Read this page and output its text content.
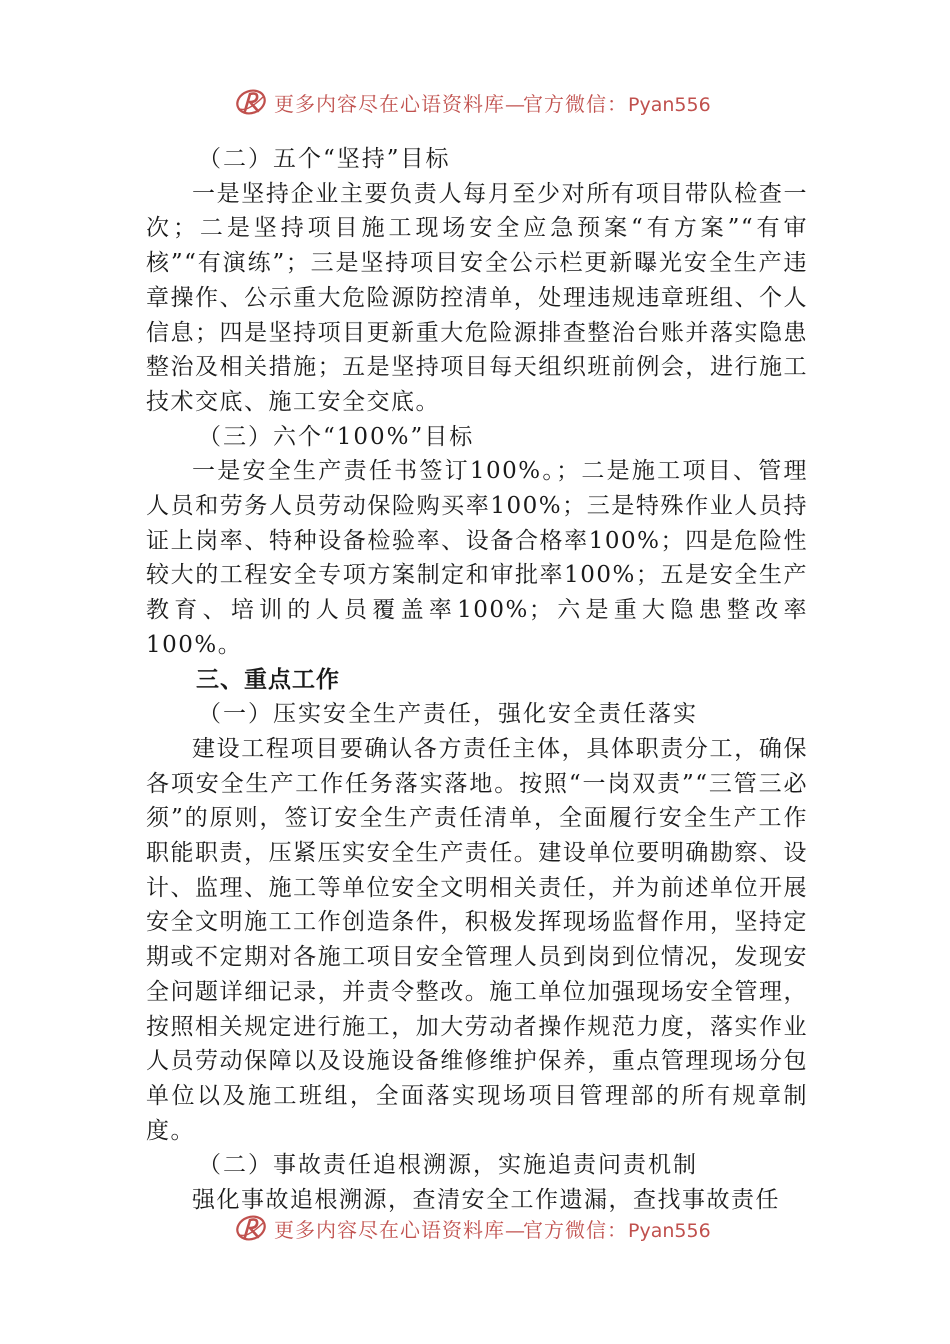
更多内容尽在心语资料库—官方微信：Pyan556

（二）五个“坚持”目标

一是坚持企业主要负责人每月至少对所有项目带队检查一次；二是坚持项目施工现场安全应急预案“有方案”“有审核”“有演练”；三是坚持项目安全公示栏更新曝光安全生产违章操作、公示重大危险源防控清单，处理违规违章班组、个人信息；四是坚持项目更新重大危险源排查整治台账并落实隐患整治及相关措施；五是坚持项目每天组织班前例会，进行施工技术交底、施工安全交底。

（三）六个“100%”目标

一是安全生产责任书签订100%。；二是施工项目、管理人员和劳务人员劳动保险购买率100%；三是特殊作业人员持证上岗率、特种设备检验率、设备合格率100%；四是危险性较大的工程安全专项方案制定和审批率100%；五是安全生产教育、培训的人员覆盖率100%；六是重大隐患整改率100%。

三、重点工作

（一）压实安全生产责任，强化安全责任落实

建设工程项目要确认各方责任主体，具体职责分工，确保各项安全生产工作任务落实落地。按照“一岗双责”“三管三必须”的原则，签订安全生产责任清单，全面履行安全生产工作职能职责，压紧压实安全生产责任。建设单位要明确勘察、设计、监理、施工等单位安全文明相关责任，并为前述单位开展安全文明施工工作创造条件，积极发挥现场监督作用，坚持定期或不定期对各施工项目安全管理人员到岗到位情况，发现安全问题详细记录，并责令整改。施工单位加强现场安全管理，按照相关规定进行施工，加大劳动者操作规范力度，落实作业人员劳动保障以及设施设备维修维护保养，重点管理现场分包单位以及施工班组，全面落实现场项目管理部的所有规章制度。

（二）事故责任追根溯源，实施追责问责机制

强化事故追根溯源，查清安全工作遗漏，查找事故责任

更多内容尽在心语资料库—官方微信：Pyan556
